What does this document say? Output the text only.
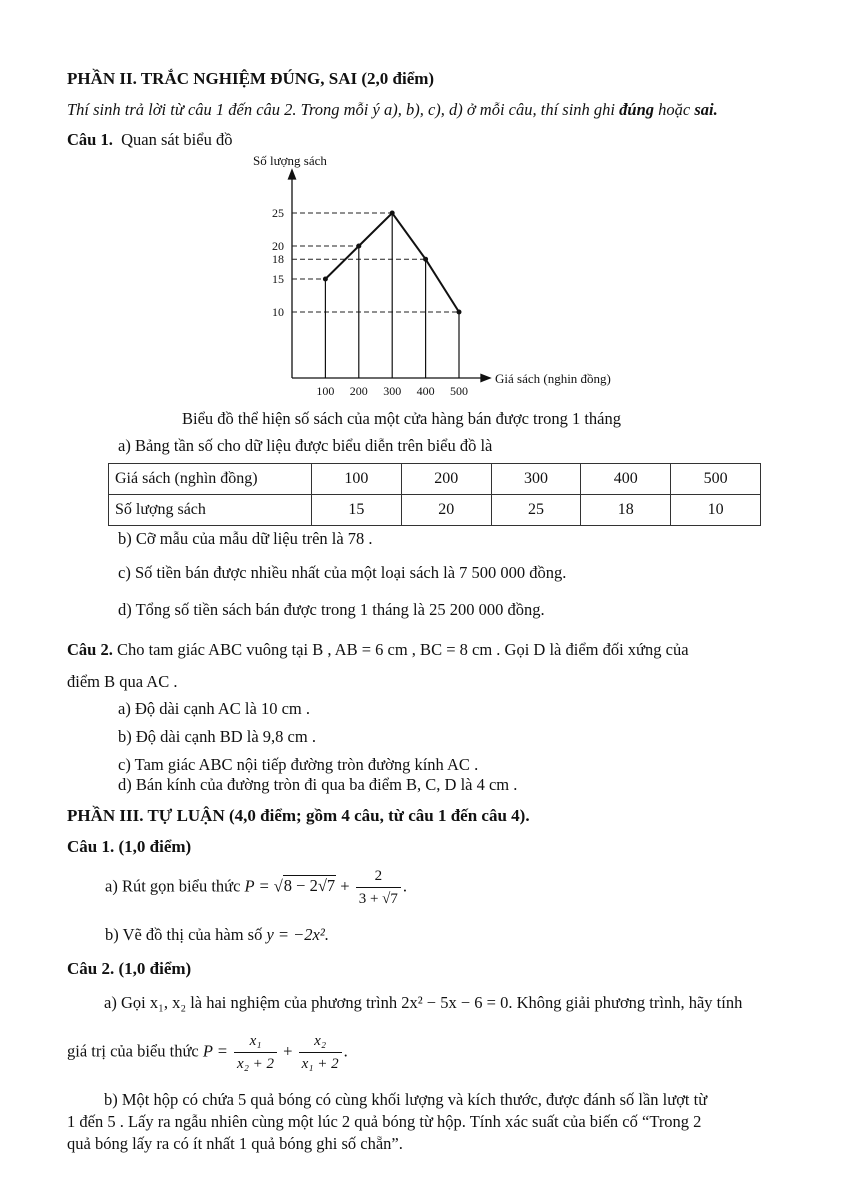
PHẦN II. TRẮC NGHIỆM ĐÚNG, SAI (2,0 điểm)
Thí sinh trả lời từ câu 1 đến câu 2. Trong mỗi ý a), b), c), d) ở mỗi câu, thí sinh ghi đúng hoặc sai.
Câu 1. Quan sát biểu đồ
Số lượng sách
Giá sách (nghin đồng)
25
20
18
15
10
100 200 300 400 500
Biểu đồ thể hiện số sách của một cửa hàng bán được trong 1 tháng
a) Bảng tần số cho dữ liệu được biểu diễn trên biểu đồ là
Giá sách (nghìn đồng)	100	200	300	400	500
Số lượng sách	15	20	25	18	10
b) Cỡ mẫu của mẫu dữ liệu trên là 78 .
c) Số tiền bán được nhiều nhất của một loại sách là 7 500 000 đồng.
d) Tổng số tiền sách bán được trong 1 tháng là 25 200 000 đồng.
Câu 2. Cho tam giác ABC vuông tại B , AB = 6 cm , BC = 8 cm . Gọi D là điểm đối xứng của
điểm B qua AC .
a) Độ dài cạnh AC là 10 cm .
b) Độ dài cạnh BD là 9,8 cm .
c) Tam giác ABC nội tiếp đường tròn đường kính AC .
d) Bán kính của đường tròn đi qua ba điểm B, C, D là 4 cm .
PHẦN III. TỰ LUẬN (4,0 điểm; gồm 4 câu, từ câu 1 đến câu 4).
Câu 1. (1,0 điểm)
a) Rút gọn biểu thức $P = √8 - 2√7 + \frac{2}{3 + √7}$ .
b) Vẽ đồ thị của hàm số y = −2x².
Câu 2. (1,0 điểm)
a) Gọi x₁, x₂ là hai nghiệm của phương trình 2x² − 5x − 6 = 0. Không giải phương trình, hãy tính
giá trị của biểu thức $P = \frac{\text{x₁}}{\text{x₂ + 2}} + \frac{\text{x₂}}{\text{x₁ + 2}}$ .
b) Một hộp có chứa 5 quả bóng có cùng khối lượng và kích thước, được đánh số lần lượt từ
1 đến 5 . Lấy ra ngẫu nhiên cùng một lúc 2 quả bóng từ hộp. Tính xác suất của biến cố “Trong 2
quả bóng lấy ra có ít nhất 1 quả bóng ghi số chẵn”.
